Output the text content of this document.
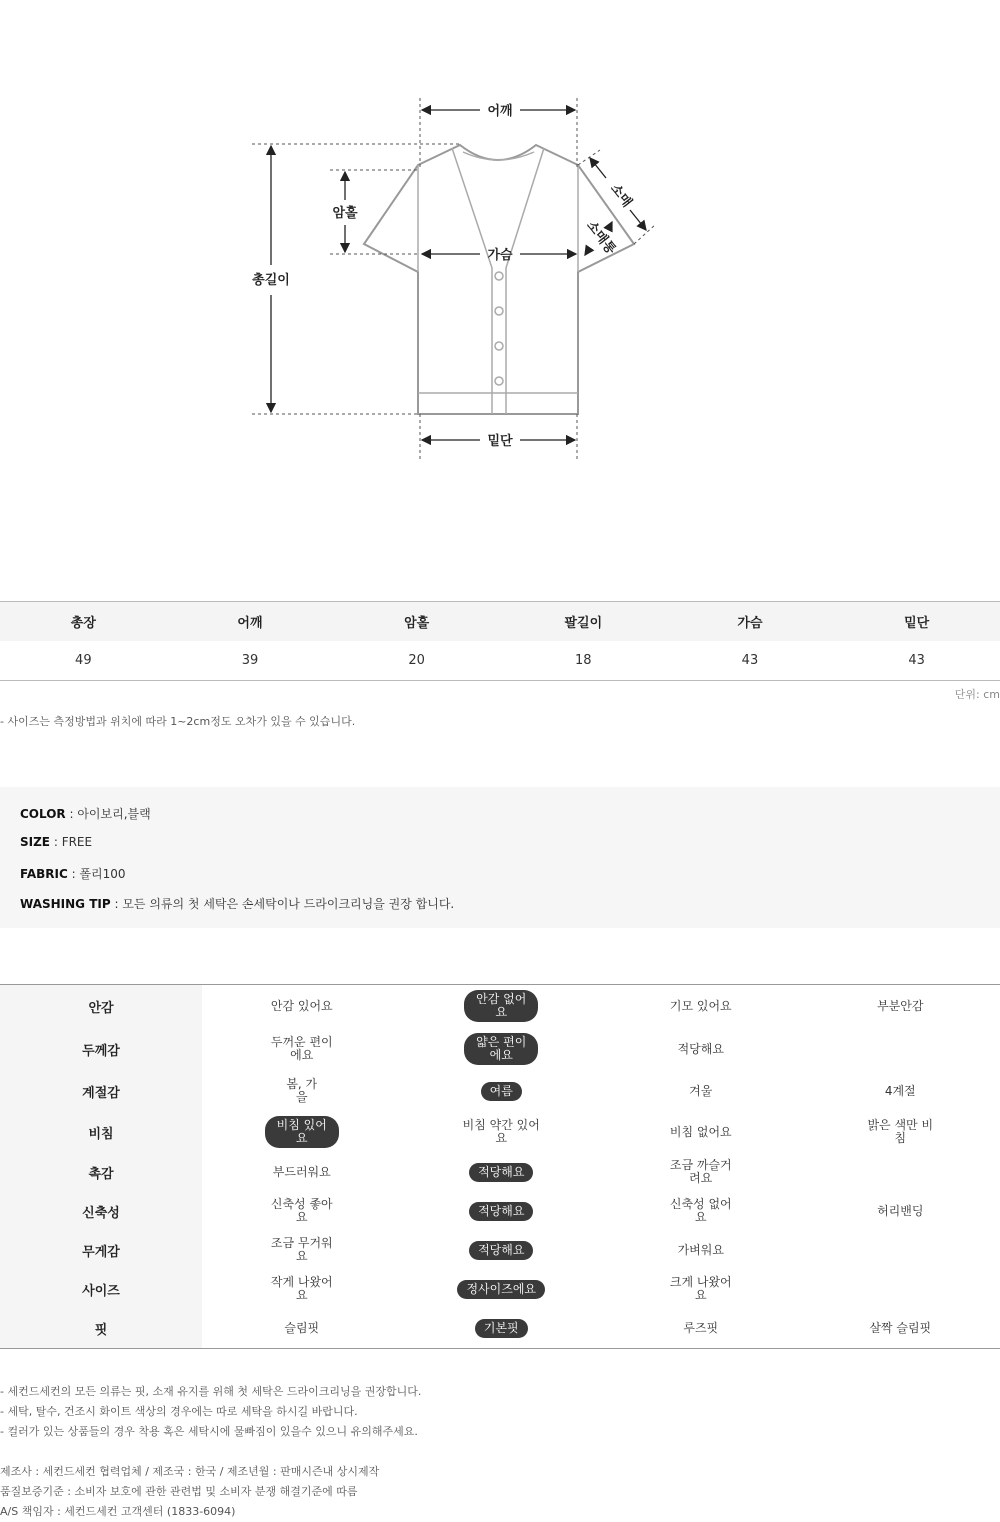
어깨
총길이
암홀
가슴
밑단
소매
소매통
총장	어깨	암홀	팔길이	가슴	밑단
49	39	20	18	43	43
단위: cm
- 사이즈는 측정방법과 위치에 따라 1~2cm정도 오차가 있을 수 있습니다.
COLOR : 아이보리,블랙
SIZE : FREE
FABRIC : 폴리100
WASHING TIP : 모든 의류의 첫 세탁은 손세탁이나 드라이크리닝을 권장 합니다.
안감	안감 있어요	안감 없어요	기모 있어요	부분안감
두께감	두꺼운 편이에요	얇은 편이에요	적당해요	
계절감	봄, 가을	여름	겨울	4계절
비침	비침 있어요	비침 약간 있어요	비침 없어요	밝은 색만 비침
촉감	부드러워요	적당해요	조금 까슬거려요	
신축성	신축성 좋아요	적당해요	신축성 없어요	허리밴딩
무게감	조금 무거워요	적당해요	가벼워요	
사이즈	작게 나왔어요	정사이즈에요	크게 나왔어요	
핏	슬림핏	기본핏	루즈핏	살짝 슬림핏
- 세컨드세컨의 모든 의류는 핏, 소재 유지를 위해 첫 세탁은 드라이크리닝을 권장합니다.
- 세탁, 탈수, 건조시 화이트 색상의 경우에는 따로 세탁을 하시길 바랍니다.
- 컬러가 있는 상품들의 경우 착용 혹은 세탁시에 물빠짐이 있을수 있으니 유의해주세요.
제조사 : 세컨드세컨 협력업체 / 제조국 : 한국 / 제조년월 : 판매시즌내 상시제작
품질보증기준 : 소비자 보호에 관한 관련법 및 소비자 분쟁 해결기준에 따름
A/S 책임자 : 세컨드세컨 고객센터 (1833-6094)
